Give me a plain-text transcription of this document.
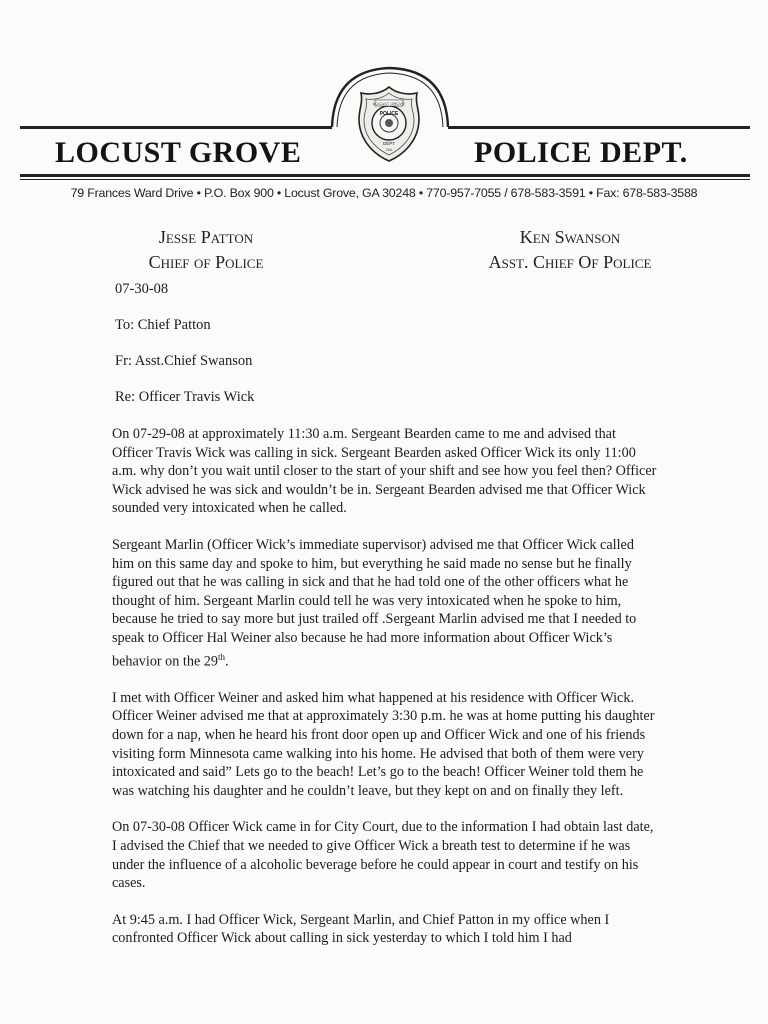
LOCUST GROVE
POLICE
DEPT
GA
LOCUST GROVE	POLICE DEPT.
79 Frances Ward Drive • P.O. Box 900 • Locust Grove, GA 30248 • 770-957-7055 / 678-583-3591 • Fax: 678-583-3588
Jesse Patton
Chief of Police
Ken Swanson
Asst. Chief Of Police
07-30-08
To: Chief Patton
Fr: Asst.Chief Swanson
Re: Officer Travis Wick

On 07-29-08 at approximately 11:30 a.m. Sergeant Bearden came to me and advised that Officer Travis Wick was calling in sick. Sergeant Bearden asked Officer Wick its only 11:00 a.m. why don’t you wait until closer to the start of your shift and see how you feel then? Officer Wick advised he was sick and wouldn’t be in. Sergeant Bearden advised me that Officer Wick sounded very intoxicated when he called.

Sergeant Marlin (Officer Wick’s immediate supervisor) advised me that Officer Wick called him on this same day and spoke to him, but everything he said made no sense but he finally figured out that he was calling in sick and that he had told one of the other officers what he thought of him. Sergeant Marlin could tell he was very intoxicated when he spoke to him, because he tried to say more but just trailed off .Sergeant Marlin advised me that I needed to speak to Officer Hal Weiner also because he had more information about Officer Wick’s behavior on the 29th.

I met with Officer Weiner and asked him what happened at his residence with Officer Wick. Officer Weiner advised me that at approximately 3:30 p.m. he was at home putting his daughter down for a nap, when he heard his front door open up and Officer Wick and one of his friends visiting form Minnesota came walking into his home. He advised that both of them were very intoxicated and said” Lets go to the beach! Let’s go to the beach! Officer Weiner told them he was watching his daughter and he couldn’t leave, but they kept on and on finally they left.

On 07-30-08 Officer Wick came in for City Court, due to the information I had obtain last date, I advised the Chief that we needed to give Officer Wick a breath test to determine if he was under the influence of a alcoholic beverage before he could appear in court and testify on his cases.

At 9:45 a.m. I had Officer Wick, Sergeant Marlin, and Chief Patton in my office when I confronted Officer Wick about calling in sick yesterday to which I told him I had
